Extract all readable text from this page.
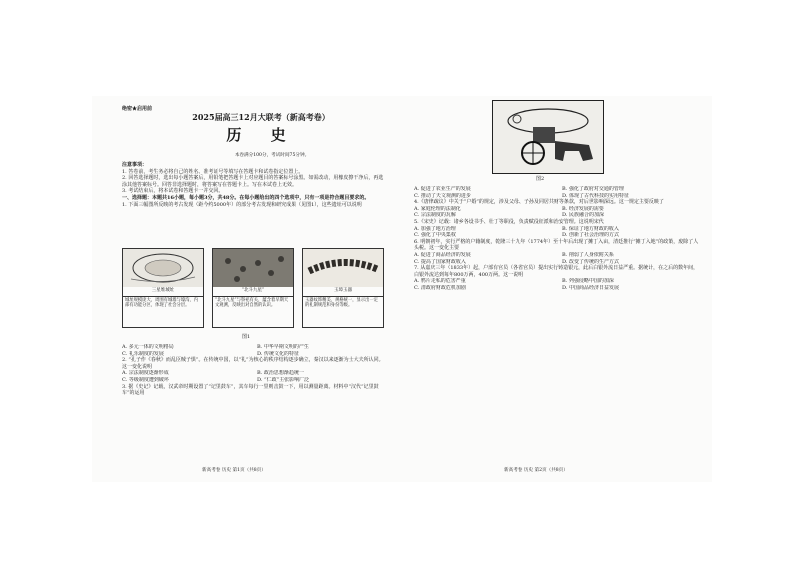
绝密★启用前
2025届高三12月大联考（新高考卷）
历 史
本卷满分100分，考试时间75分钟。
注意事项：
1. 答卷前，考生务必将自己的姓名、准考证号等填写在答题卡和试卷指定位置上。
2. 回答选择题时，选出每小题答案后，用铅笔把答题卡上对应题目的答案标号涂黑。如需改动，用橡皮擦干净后，再选涂其他答案标号。回答非选择题时，将答案写在答题卡上。写在本试卷上无效。
3. 考试结束后，将本试卷和答题卡一并交回。
一、选择题：本题共16小题，每小题3分，共48分。在每小题给出的四个选项中，只有一项是符合题目要求的。
1. 下面三幅图所反映的考古发现（距今约5000年）的部分考古发现和研究成果（见图1），这些遗址可以说明
三星堆城址
城址规模庞大，周围有城墙与壕沟，内部有功能分区，体现了社会分层。
“北斗九星”
“北斗九星”与祭祀有关，蕴含着早期天文观测，反映出对自然的认识。
玉璋玉器
玉器纹饰精美，规格统一，显示出一定的礼制规范和身份等级。
图1
A. 多元一体的文明格局	B. 中华早期文明的产生
C. 礼乐制度的发展	D. 传统文化的特征
2. “孔子作《春秋》而乱臣贼子惧”。在传统中国，以“礼”为核心的秩序结构逐步确立，秦汉以来逐渐为士大夫所认同。这一变化说明
A. 宗法制度逐渐形成	B. 政治思想渐趋统一
C. 等级制度遭到破坏	D. “仁政”主张影响广泛
3. 据《史记》记载，汉武帝时期设置了“记里鼓车”，其车每行一里则击鼓一下，用以测量距离。材料中“汉代“记里鼓车”的运用
新高考卷 历史 第1页（共8页）
图2
A. 促进了农业生产的发展	B. 强化了政府对交通的管理
C. 推动了天文观测的进步	D. 体现了古代科技的实用特征
4.《唐律疏议》中关于“户婚”的规定，涉及父母、子孙及同居共财等条款，对后世影响深远。这一规定主要反映了
A. 家庭伦理的法制化	B. 经济发展的需要
C. 宗法制度的瓦解	D. 民族融合的加深
5.《宋史》记载：诸乡各设书手、壮丁等职役，负责赋役征派和治安管理。这说明宋代
A. 加强了地方治理	B. 保证了地方财政的收入
C. 强化了中央集权	D. 创新了社会治理的方式
6. 明朝初年，实行严格的户籍制度，乾隆三十九年（1774年）至十年后出现了摊丁入亩，清廷推行“摊丁入地”的政策，废除了人头税。这一变化主要
A. 促进了商品经济的发展	B. 削弱了人身依附关系
C. 提高了国家财政收入	D. 改变了传统的生产方式
7. 从嘉庆三年（1833年）起，户部有官员（各省官员）提出实行铸造银元，此后白银外流日益严重。据统计，在之后的数年间，白银外流达到每年800万两，400万两。这一说明
A. 鸦片走私的危害严重	B. 列强侵略中国的加深
C. 清政府财政危机加剧	D. 中国商品经济日益发展
新高考卷 历史 第2页（共8页）
